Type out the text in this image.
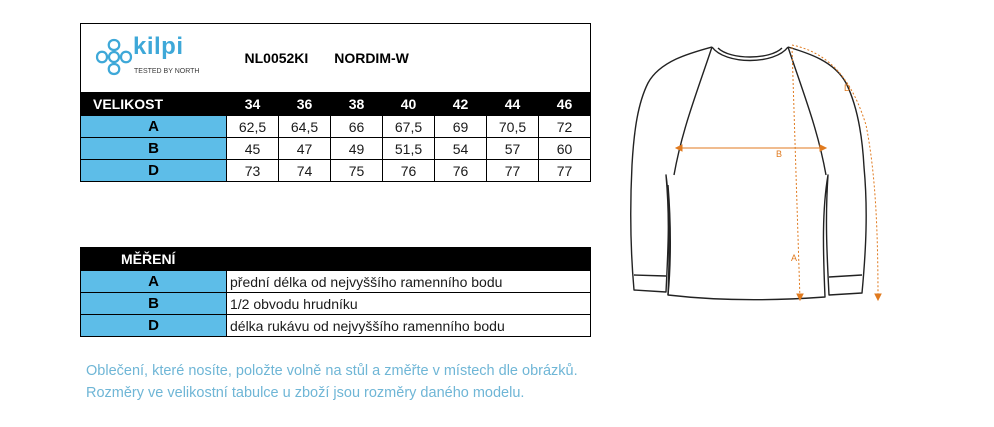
kilpi
TESTED BY NORTH	NL0052KI NORDIM-W						
VELIKOST	34	36	38	40	42	44	46
A	62,5	64,5	66	67,5	69	70,5	72
B	45	47	49	51,5	54	57	60
D	73	74	75	76	76	77	77
MĚŘENÍ	
A	přední délka od nejvyššího ramenního bodu
B	1/2 obvodu hrudníku
D	délka rukávu od nejvyššího ramenního bodu
Oblečení, které nosíte, položte volně na stůl a změřte v místech dle obrázků.
Rozměry ve velikostní tabulce u zboží jsou rozměry daného modelu.
B
A
D
